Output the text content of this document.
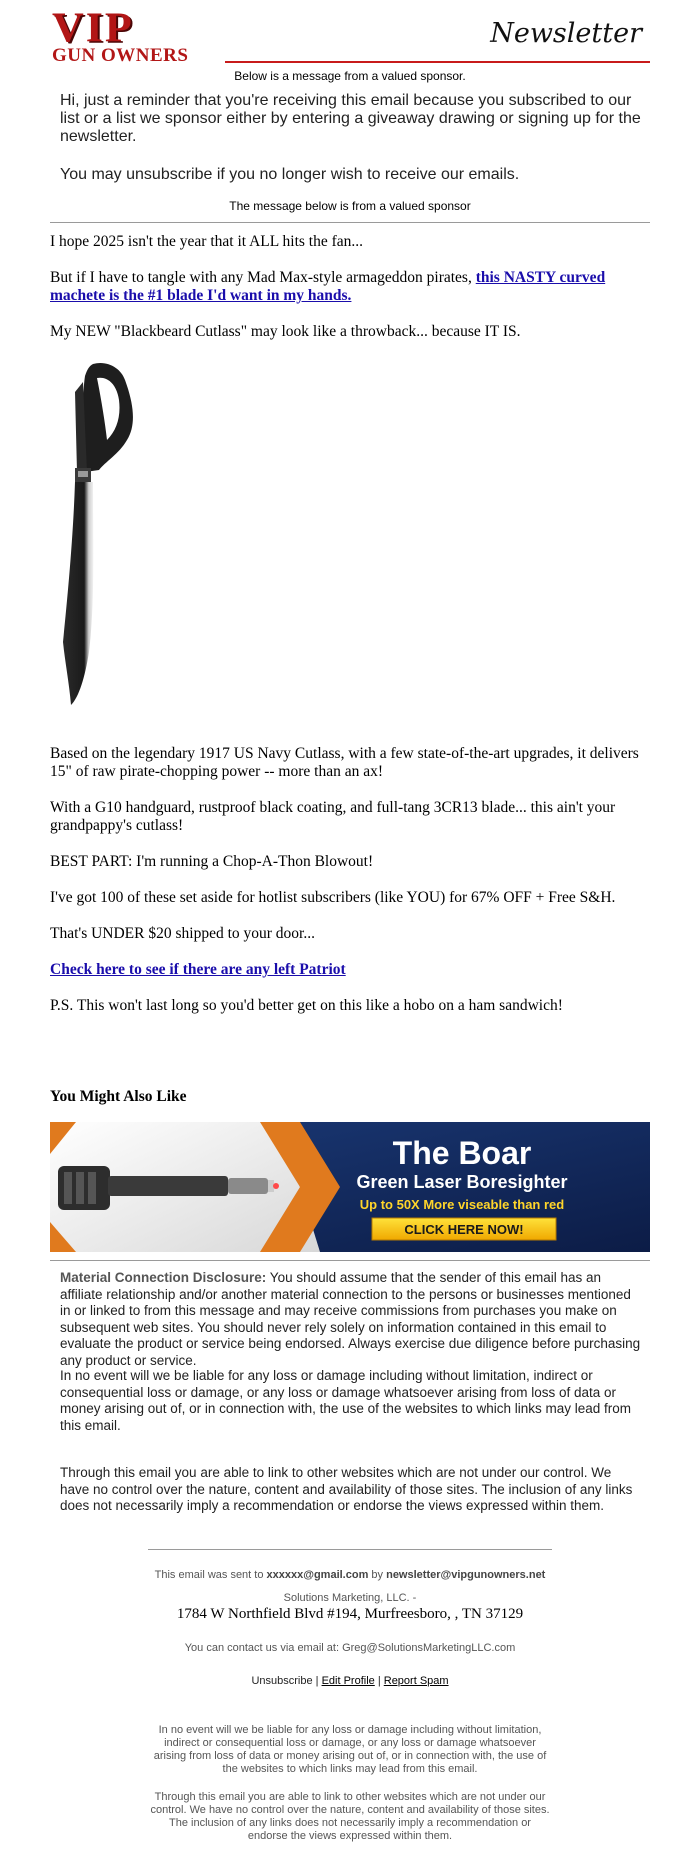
VIP
GUN OWNERS
Newsletter
Below is a message from a valued sponsor.
Hi, just a reminder that you're receiving this email because you subscribed to our list or a list we sponsor either by entering a giveaway drawing or signing up for the newsletter.
You may unsubscribe if you no longer wish to receive our emails.
The message below is from a valued sponsor
I hope 2025 isn't the year that it ALL hits the fan...
But if I have to tangle with any Mad Max-style armageddon pirates, this NASTY curved machete is the #1 blade I'd want in my hands.
My NEW "Blackbeard Cutlass" may look like a throwback... because IT IS.
Based on the legendary 1917 US Navy Cutlass, with a few state-of-the-art upgrades, it delivers 15" of raw pirate-chopping power -- more than an ax!
With a G10 handguard, rustproof black coating, and full-tang 3CR13 blade... this ain't your grandpappy's cutlass!
BEST PART: I'm running a Chop-A-Thon Blowout!
I've got 100 of these set aside for hotlist subscribers (like YOU) for 67% OFF + Free S&H.
That's UNDER $20 shipped to your door...
Check here to see if there are any left Patriot
P.S. This won't last long so you'd better get on this like a hobo on a ham sandwich!
You Might Also Like
The Boar
Green Laser Boresighter
Up to 50X More viseable than red
CLICK HERE NOW!
Material Connection Disclosure: You should assume that the sender of this email has an affiliate relationship and/or another material connection to the persons or businesses mentioned in or linked to from this message and may receive commissions from purchases you make on subsequent web sites. You should never rely solely on information contained in this email to evaluate the product or service being endorsed. Always exercise due diligence before purchasing any product or service.
In no event will we be liable for any loss or damage including without limitation, indirect or consequential loss or damage, or any loss or damage whatsoever arising from loss of data or money arising out of, or in connection with, the use of the websites to which links may lead from this email.
Through this email you are able to link to other websites which are not under our control. We have no control over the nature, content and availability of those sites. The inclusion of any links does not necessarily imply a recommendation or endorse the views expressed within them.
This email was sent to xxxxxx@gmail.com by newsletter@vipgunowners.net
Solutions Marketing, LLC. -
1784 W Northfield Blvd #194, Murfreesboro, , TN 37129
You can contact us via email at: Greg@SolutionsMarketingLLC.com
Unsubscribe | Edit Profile | Report Spam
In no event will we be liable for any loss or damage including without limitation, indirect or consequential loss or damage, or any loss or damage whatsoever arising from loss of data or money arising out of, or in connection with, the use of the websites to which links may lead from this email.
Through this email you are able to link to other websites which are not under our control. We have no control over the nature, content and availability of those sites. The inclusion of any links does not necessarily imply a recommendation or endorse the views expressed within them.
